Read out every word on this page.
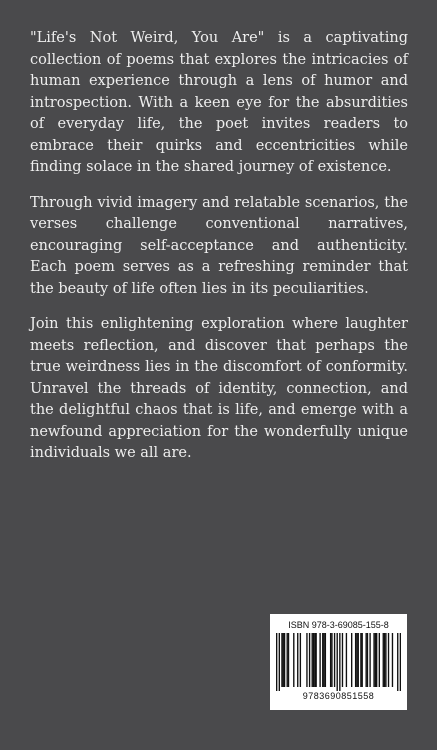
"Life's Not Weird, You Are" is a captivating collection of poems that explores the intricacies of human experience through a lens of humor and introspection. With a keen eye for the absurdities of everyday life, the poet invites readers to embrace their quirks and eccentricities while finding solace in the shared journey of existence.

Through vivid imagery and relatable scenarios, the verses challenge conventional narratives, encouraging self-acceptance and authenticity. Each poem serves as a refreshing reminder that the beauty of life often lies in its peculiarities.

Join this enlightening exploration where laughter meets reflection, and discover that perhaps the true weirdness lies in the discomfort of conformity. Unravel the threads of identity, connection, and the delightful chaos that is life, and emerge with a newfound appreciation for the wonderfully unique individuals we all are.

ISBN 978-3-69085-155-8
9783690851558
